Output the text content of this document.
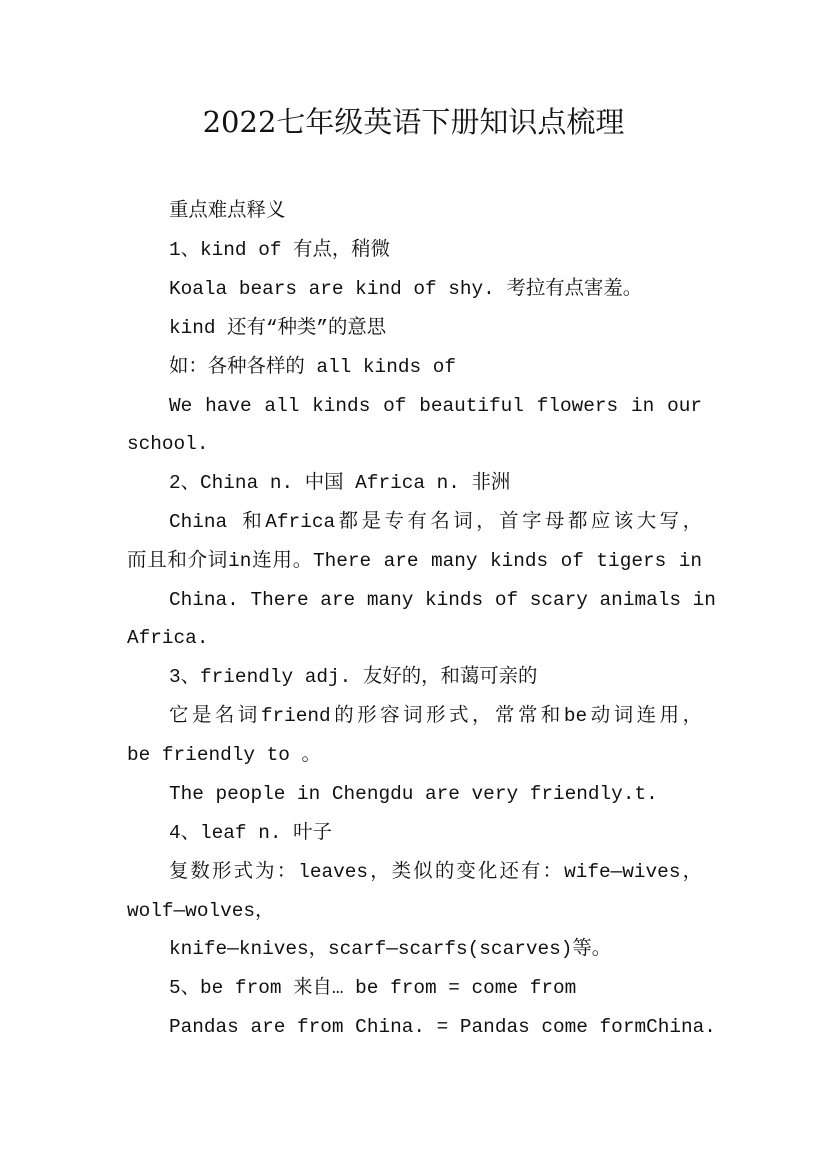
2022七年级英语下册知识点梳理
重点难点释义
1、kind of 有点，稍微
Koala bears are kind of shy. 考拉有点害羞。
kind 还有“种类”的意思
如：各种各样的 all kinds of
We have all kinds of beautiful flowers in our
school.
2、China n. 中国 Africa n. 非洲
China 和Africa都是专有名词，首字母都应该大写，
而且和介词in连用。There are many kinds of tigers in
China. There are many kinds of scary animals in
Africa.
3、friendly adj. 友好的，和蔼可亲的
它是名词friend的形容词形式，常常和be动词连用，
be friendly to 。
The people in Chengdu are very friendly.t.
4、leaf n. 叶子
复数形式为：leaves，类似的变化还有：wife—wives，
wolf—wolves，
knife—knives，scarf—scarfs(scarves)等。
5、be from 来自… be from = come from
Pandas are from China. = Pandas come formChina.
